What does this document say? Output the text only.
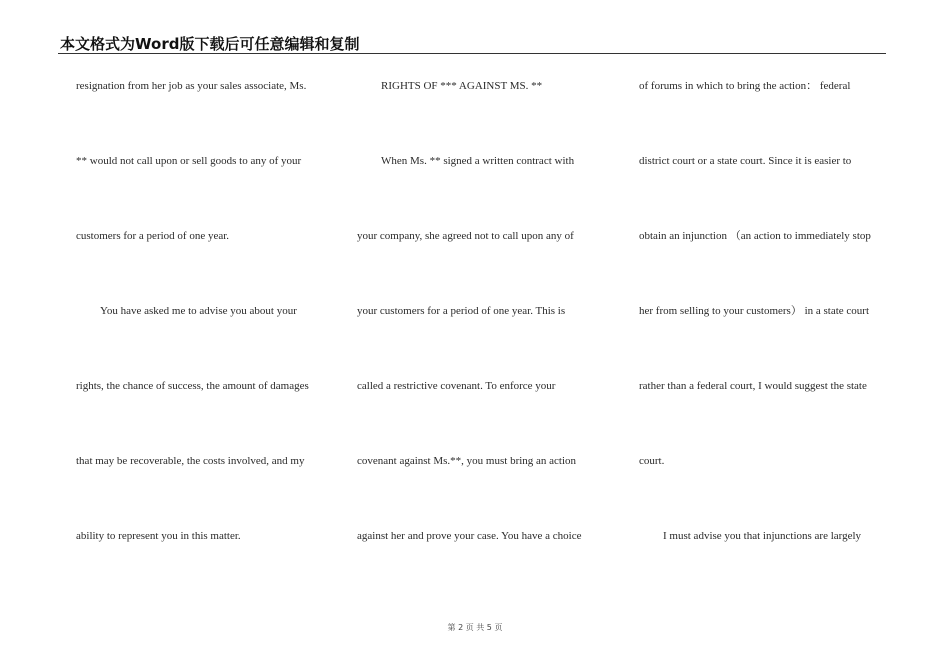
本文格式为Word版下载后可任意编辑和复制
resignation from her job as your sales associate, Ms.
** would not call upon or sell goods to any of your
customers for a period of one year.
You have asked me to advise you about your
rights, the chance of success, the amount of damages
that may be recoverable, the costs involved, and my
ability to represent you in this matter.
RIGHTS OF *** AGAINST MS. **
When Ms. ** signed a written contract with
your company, she agreed not to call upon any of
your customers for a period of one year. This is
called a restrictive covenant. To enforce your
covenant against Ms.**, you must bring an action
against her and prove your case. You have a choice
of forums in which to bring the action： federal
district court or a state court. Since it is easier to
obtain an injunction （an action to immediately stop
her from selling to your customers） in a state court
rather than a federal court, I would suggest the state
court.
I must advise you that injunctions are largely
第 2 页 共 5 页
